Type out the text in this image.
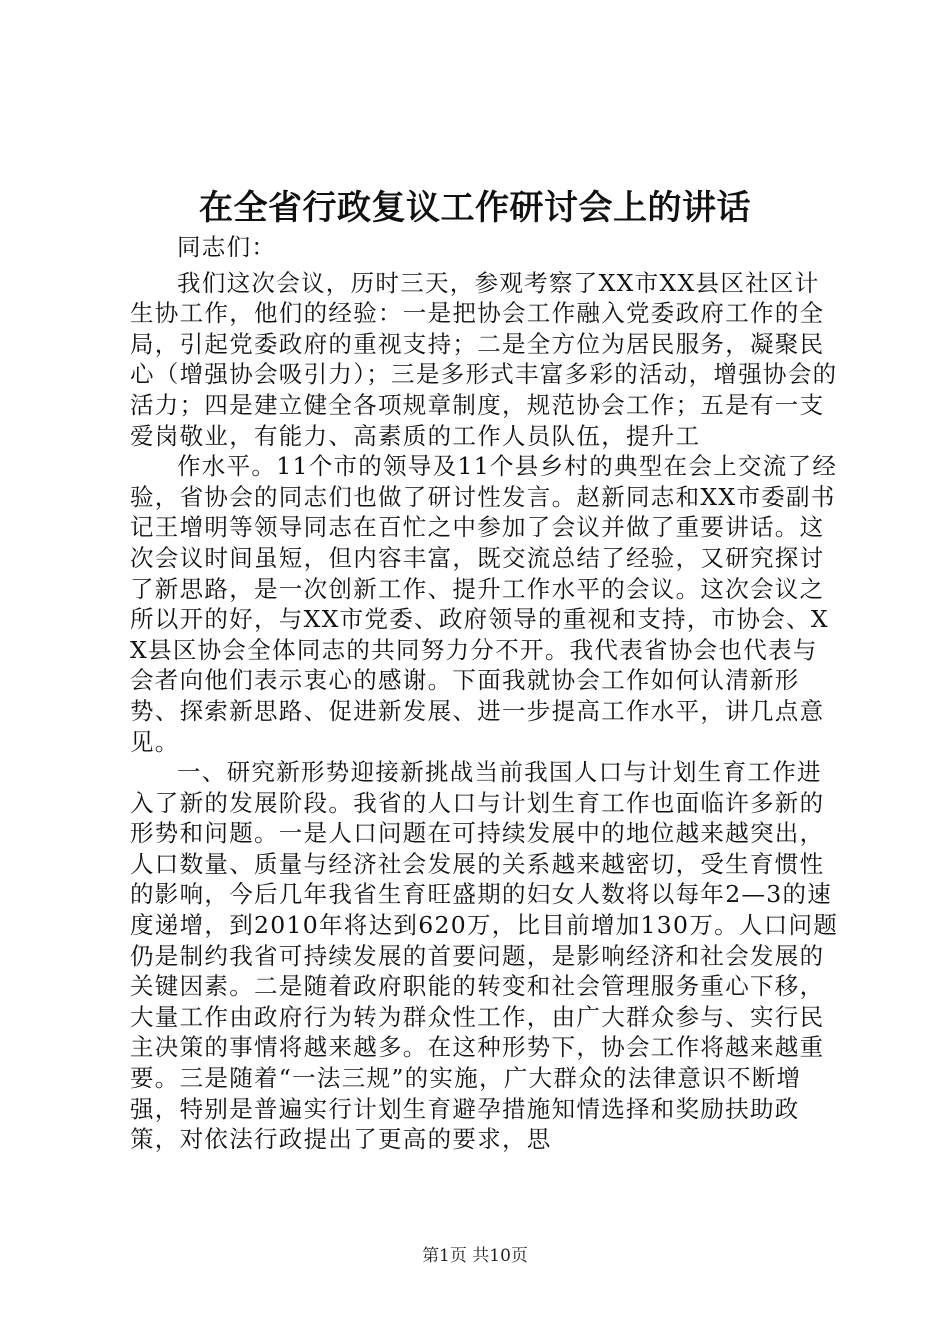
在全省行政复议工作研讨会上的讲话

同志们：

我们这次会议，历时三天，参观考察了XX市XX县区社区计生协工作，他们的经验：一是把协会工作融入党委政府工作的全局，引起党委政府的重视支持；二是全方位为居民服务，凝聚民心（增强协会吸引力）；三是多形式丰富多彩的活动，增强协会的活力；四是建立健全各项规章制度，规范协会工作；五是有一支爱岗敬业，有能力、高素质的工作人员队伍，提升工

作水平。11个市的领导及11个县乡村的典型在会上交流了经验，省协会的同志们也做了研讨性发言。赵新同志和XX市委副书记王增明等领导同志在百忙之中参加了会议并做了重要讲话。这次会议时间虽短，但内容丰富，既交流总结了经验，又研究探讨了新思路，是一次创新工作、提升工作水平的会议。这次会议之所以开的好，与XX市党委、政府领导的重视和支持，市协会、XX县区协会全体同志的共同努力分不开。我代表省协会也代表与会者向他们表示衷心的感谢。下面我就协会工作如何认清新形势、探索新思路、促进新发展、进一步提高工作水平，讲几点意见。

一、研究新形势迎接新挑战当前我国人口与计划生育工作进入了新的发展阶段。我省的人口与计划生育工作也面临许多新的形势和问题。一是人口问题在可持续发展中的地位越来越突出，人口数量、质量与经济社会发展的关系越来越密切，受生育惯性的影响，今后几年我省生育旺盛期的妇女人数将以每年2—3的速度递增，到2010年将达到620万，比目前增加130万。人口问题仍是制约我省可持续发展的首要问题，是影响经济和社会发展的关键因素。二是随着政府职能的转变和社会管理服务重心下移，大量工作由政府行为转为群众性工作，由广大群众参与、实行民主决策的事情将越来越多。在这种形势下，协会工作将越来越重要。三是随着“一法三规”的实施，广大群众的法律意识不断增强，特别是普遍实行计划生育避孕措施知情选择和奖励扶助政策，对依法行政提出了更高的要求，思

第1页 共10页
